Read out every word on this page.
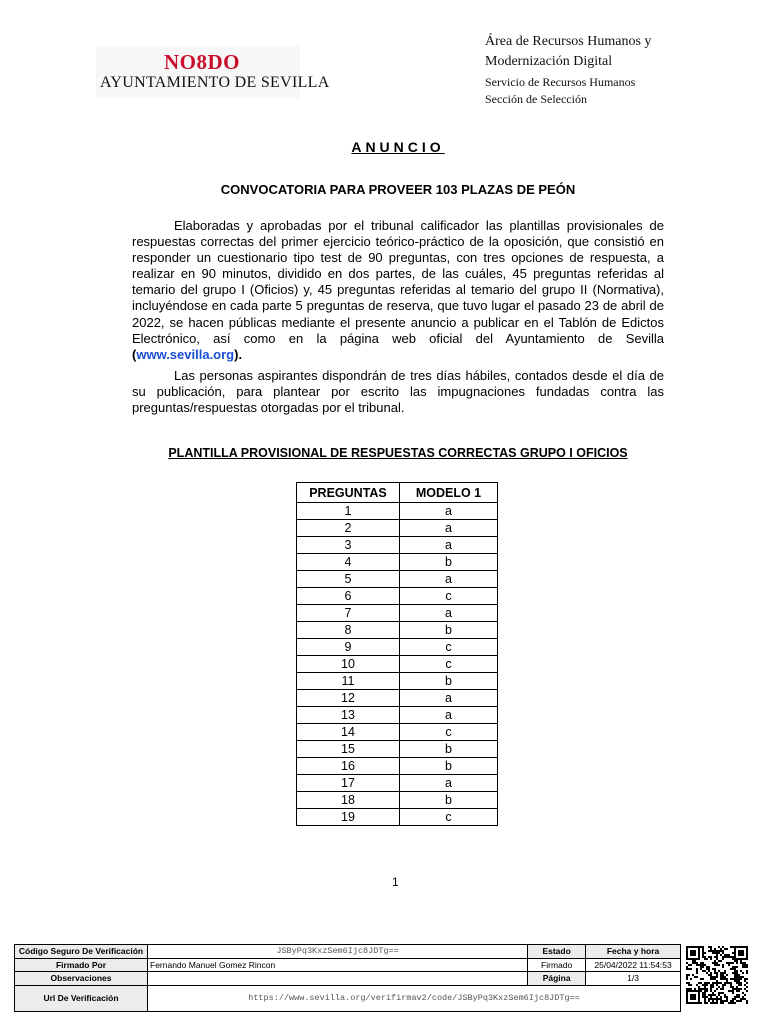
NO8DO
AYUNTAMIENTO DE SEVILLA
Área de Recursos Humanos y
Modernización Digital
Servicio de Recursos Humanos
Sección de Selección
ANUNCIO
CONVOCATORIA PARA PROVEER 103 PLAZAS DE PEÓN
Elaboradas y aprobadas por el tribunal calificador las plantillas provisionales de respuestas correctas del primer ejercicio teórico-práctico de la oposición, que consistió en responder un cuestionario tipo test de 90 preguntas, con tres opciones de respuesta, a realizar en 90 minutos, dividido en dos partes, de las cuáles, 45 preguntas referidas al temario del grupo I (Oficios) y, 45 preguntas referidas al temario del grupo II (Normativa), incluyéndose en cada parte 5 preguntas de reserva, que tuvo lugar el pasado 23 de abril de 2022, se hacen públicas mediante el presente anuncio a publicar en el Tablón de Edictos Electrónico, así como en la página web oficial del Ayuntamiento de Sevilla (www.sevilla.org).
Las personas aspirantes dispondrán de tres días hábiles, contados desde el día de su publicación, para plantear por escrito las impugnaciones fundadas contra las preguntas/respuestas otorgadas por el tribunal.
PLANTILLA PROVISIONAL DE RESPUESTAS CORRECTAS GRUPO I OFICIOS
PREGUNTAS	MODELO 1
1	a
2	a
3	a
4	b
5	a
6	c
7	a
8	b
9	c
10	c
11	b
12	a
13	a
14	c
15	b
16	b
17	a
18	b
19	c
1
Código Seguro De Verificación	JSByPq3KxzSem6Ijc8JDTg==	Estado	Fecha y hora
Firmado Por	Fernando Manuel Gomez Rincon	Firmado	25/04/2022 11:54:53
Observaciones		Página	1/3
Url De Verificación	https://www.sevilla.org/verifirmav2/code/JSByPq3KxzSem6Ijc8JDTg==		
